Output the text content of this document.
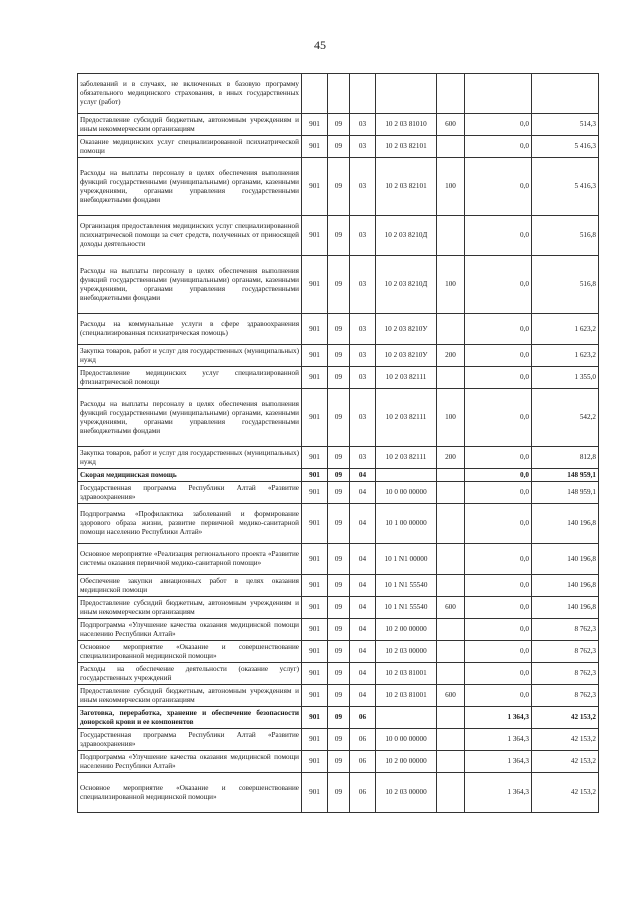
45
заболеваний и в случаях, не включенных в базовую программу обязательного медицинского страхования, в иных государственных услуг (работ)							
Предоставление субсидий бюджетным, автономным учреждениям и иным некоммерческим организациям	901	09	03	10 2 03 81010	600	0,0	514,3
Оказание медицинских услуг специализированной психиатрической помощи	901	09	03	10 2 03 82101		0,0	5 416,3
Расходы на выплаты персоналу в целях обеспечения выполнения функций государственными (муниципальными) органами, казенными учреждениями, органами управления государственными внебюджетными фондами	901	09	03	10 2 03 82101	100	0,0	5 416,3
Организация предоставления медицинских услуг специализированной психиатрической помощи за счет средств, полученных от приносящей доходы деятельности	901	09	03	10 2 03 8210Д		0,0	516,8
Расходы на выплаты персоналу в целях обеспечения выполнения функций государственными (муниципальными) органами, казенными учреждениями, органами управления государственными внебюджетными фондами	901	09	03	10 2 03 8210Д	100	0,0	516,8
Расходы на коммунальные услуги в сфере здравоохранения (специализированная психиатрическая помощь)	901	09	03	10 2 03 8210У		0,0	1 623,2
Закупка товаров, работ и услуг для государственных (муниципальных) нужд	901	09	03	10 2 03 8210У	200	0,0	1 623,2
Предоставление медицинских услуг специализированной фтизиатрической помощи	901	09	03	10 2 03 82111		0,0	1 355,0
Расходы на выплаты персоналу в целях обеспечения выполнения функций государственными (муниципальными) органами, казенными учреждениями, органами управления государственными внебюджетными фондами	901	09	03	10 2 03 82111	100	0,0	542,2
Закупка товаров, работ и услуг для государственных (муниципальных) нужд	901	09	03	10 2 03 82111	200	0,0	812,8
Скорая медицинская помощь	901	09	04			0,0	148 959,1
Государственная программа Республики Алтай «Развитие здравоохранения»	901	09	04	10 0 00 00000		0,0	148 959,1
Подпрограмма «Профилактика заболеваний и формирование здорового образа жизни, развитие первичной медико-санитарной помощи населению Республики Алтай»	901	09	04	10 1 00 00000		0,0	140 196,8
Основное мероприятие «Реализация регионального проекта «Развитие системы оказания первичной медико-санитарной помощи»	901	09	04	10 1 N1 00000		0,0	140 196,8
Обеспечение закупки авиационных работ в целях оказания медицинской помощи	901	09	04	10 1 N1 55540		0,0	140 196,8
Предоставление субсидий бюджетным, автономным учреждениям и иным некоммерческим организациям	901	09	04	10 1 N1 55540	600	0,0	140 196,8
Подпрограмма «Улучшение качества оказания медицинской помощи населению Республики Алтай»	901	09	04	10 2 00 00000		0,0	8 762,3
Основное мероприятие «Оказание и совершенствование специализированной медицинской помощи»	901	09	04	10 2 03 00000		0,0	8 762,3
Расходы на обеспечение деятельности (оказание услуг) государственных учреждений	901	09	04	10 2 03 81001		0,0	8 762,3
Предоставление субсидий бюджетным, автономным учреждениям и иным некоммерческим организациям	901	09	04	10 2 03 81001	600	0,0	8 762,3
Заготовка, переработка, хранение и обеспечение безопасности донорской крови и ее компонентов	901	09	06			1 364,3	42 153,2
Государственная программа Республики Алтай «Развитие здравоохранения»	901	09	06	10 0 00 00000		1 364,3	42 153,2
Подпрограмма «Улучшение качества оказания медицинской помощи населению Республики Алтай»	901	09	06	10 2 00 00000		1 364,3	42 153,2
Основное мероприятие «Оказание и совершенствование специализированной медицинской помощи»	901	09	06	10 2 03 00000		1 364,3	42 153,2
